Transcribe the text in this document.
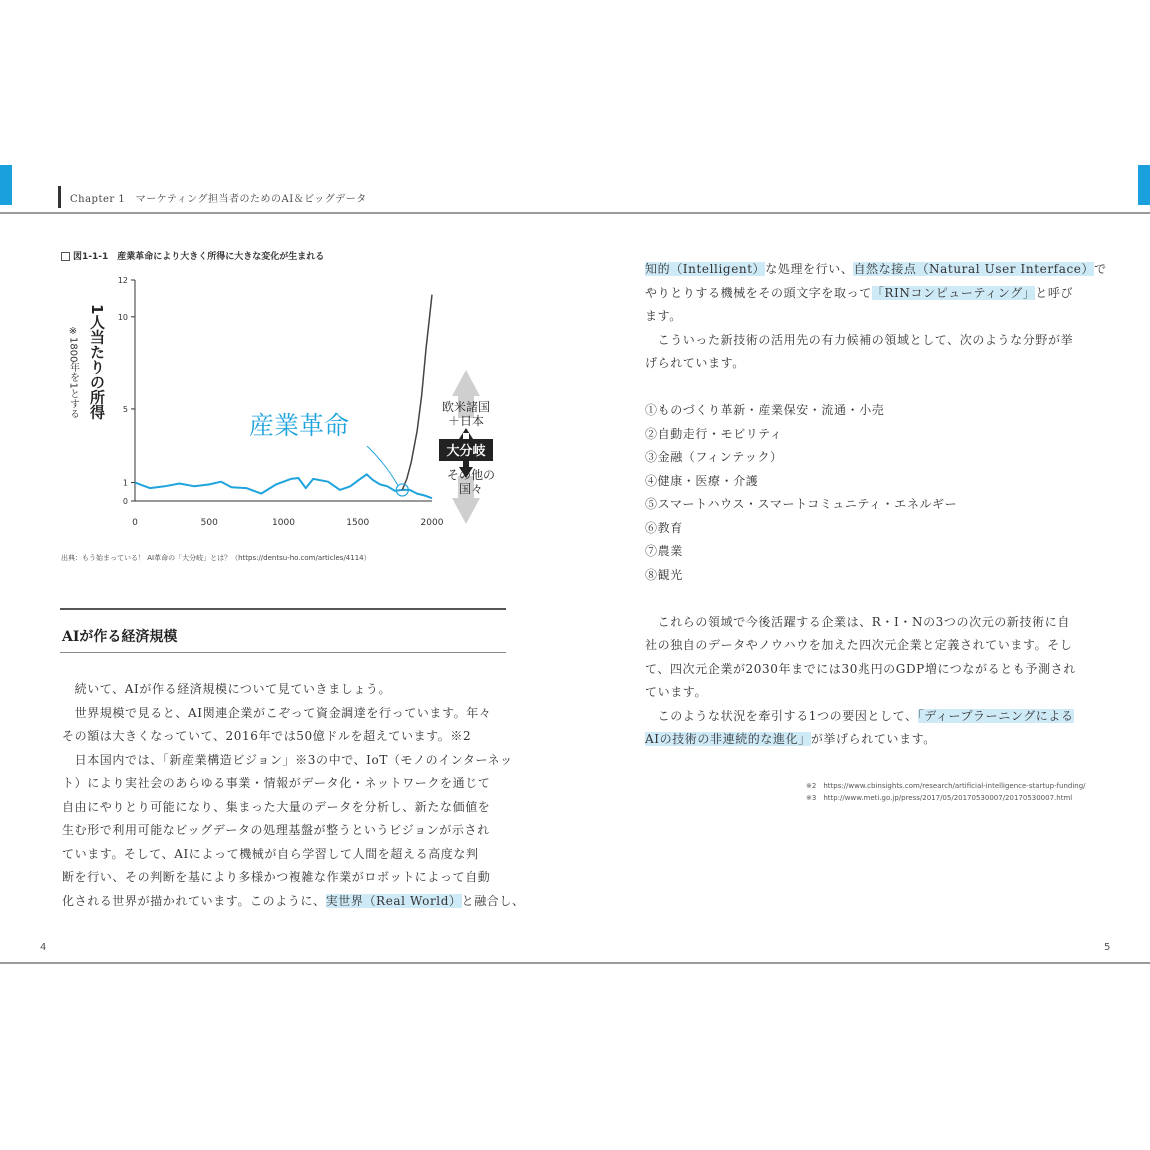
Chapter 1　マーケティング担当者のためのAI＆ビッグデータ
図1-1-1　産業革命により大きく所得に大きな変化が生まれる
0
1
5
10
12
0	500	1000	1500	2000
1人当たりの所得
※1800年を1とする
産業革命
欧米諸国
＋日本
大分岐
その他の
国々
出典：もう始まっている！ AI革命の「大分岐」とは？（https://dentsu-ho.com/articles/4114）
AIが作る経済規模

　続いて、AIが作る経済規模について見ていきましょう。

　世界規模で見ると、AI関連企業がこぞって資金調達を行っています。年々

その額は大きくなっていて、2016年では50億ドルを超えています。※2

　日本国内では、「新産業構造ビジョン」※3の中で、IoT（モノのインターネッ

ト）により実社会のあらゆる事業・情報がデータ化・ネットワークを通じて

自由にやりとり可能になり、集まった大量のデータを分析し、新たな価値を

生む形で利用可能なビッグデータの処理基盤が整うというビジョンが示され

ています。そして、AIによって機械が自ら学習して人間を超える高度な判

断を行い、その判断を基により多様かつ複雑な作業がロボットによって自動

化される世界が描かれています。このように、実世界（Real World）と融合し、

知的（Intelligent）な処理を行い、自然な接点（Natural User Interface）で

やりとりする機械をその頭文字を取って「RINコンピューティング」と呼び

ます。

　こういった新技術の活用先の有力候補の領域として、次のような分野が挙

げられています。

①ものづくり革新・産業保安・流通・小売

②自動走行・モビリティ

③金融（フィンテック）

④健康・医療・介護

⑤スマートハウス・スマートコミュニティ・エネルギー

⑥教育

⑦農業

⑧観光

　これらの領域で今後活躍する企業は、R・I・Nの3つの次元の新技術に自

社の独自のデータやノウハウを加えた四次元企業と定義されています。そし

て、四次元企業が2030年までには30兆円のGDP増につながるとも予測され

ています。

　このような状況を牽引する1つの要因として、「ディープラーニングによる

AIの技術の非連続的な進化」が挙げられています。

※2　https://www.cbinsights.com/research/artificial-intelligence-startup-funding/

※3　http://www.meti.go.jp/press/2017/05/20170530007/20170530007.html

4	5
